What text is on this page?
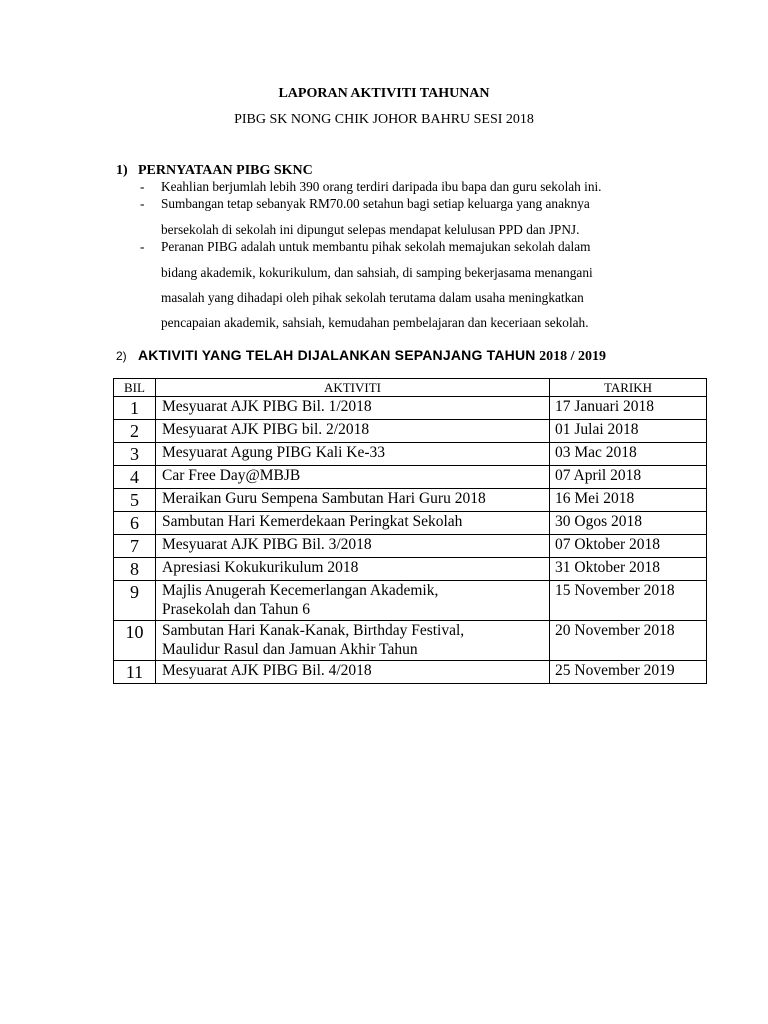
LAPORAN AKTIVITI TAHUNAN
PIBG SK NONG CHIK JOHOR BAHRU SESI 2018
1) PERNYATAAN PIBG SKNC
- Keahlian berjumlah lebih 390 orang terdiri daripada ibu bapa dan guru sekolah ini.
- Sumbangan tetap sebanyak RM70.00 setahun bagi setiap keluarga yang anaknya
bersekolah di sekolah ini dipungut selepas mendapat kelulusan PPD dan JPNJ.
- Peranan PIBG adalah untuk membantu pihak sekolah memajukan sekolah dalam
bidang akademik, kokurikulum, dan sahsiah, di samping bekerjasama menangani
masalah yang dihadapi oleh pihak sekolah terutama dalam usaha meningkatkan
pencapaian akademik, sahsiah, kemudahan pembelajaran dan keceriaan sekolah.
2) AKTIVITI YANG TELAH DIJALANKAN SEPANJANG TAHUN 2018 / 2019
BIL	AKTIVITI	TARIKH
1	Mesyuarat AJK PIBG Bil. 1/2018	17 Januari 2018
2	Mesyuarat AJK PIBG bil. 2/2018	01 Julai 2018
3	Mesyuarat Agung PIBG Kali Ke-33	03 Mac 2018
4	Car Free Day@MBJB	07 April 2018
5	Meraikan Guru Sempena Sambutan Hari Guru 2018	16 Mei 2018
6	Sambutan Hari Kemerdekaan Peringkat Sekolah	30 Ogos 2018
7	Mesyuarat AJK PIBG Bil. 3/2018	07 Oktober 2018
8	Apresiasi Kokukurikulum 2018	31 Oktober 2018
9	Majlis Anugerah Kecemerlangan Akademik,
Prasekolah dan Tahun 6	15 November 2018
10	Sambutan Hari Kanak-Kanak, Birthday Festival,
Maulidur Rasul dan Jamuan Akhir Tahun	20 November 2018
11	Mesyuarat AJK PIBG Bil. 4/2018	25 November 2019
